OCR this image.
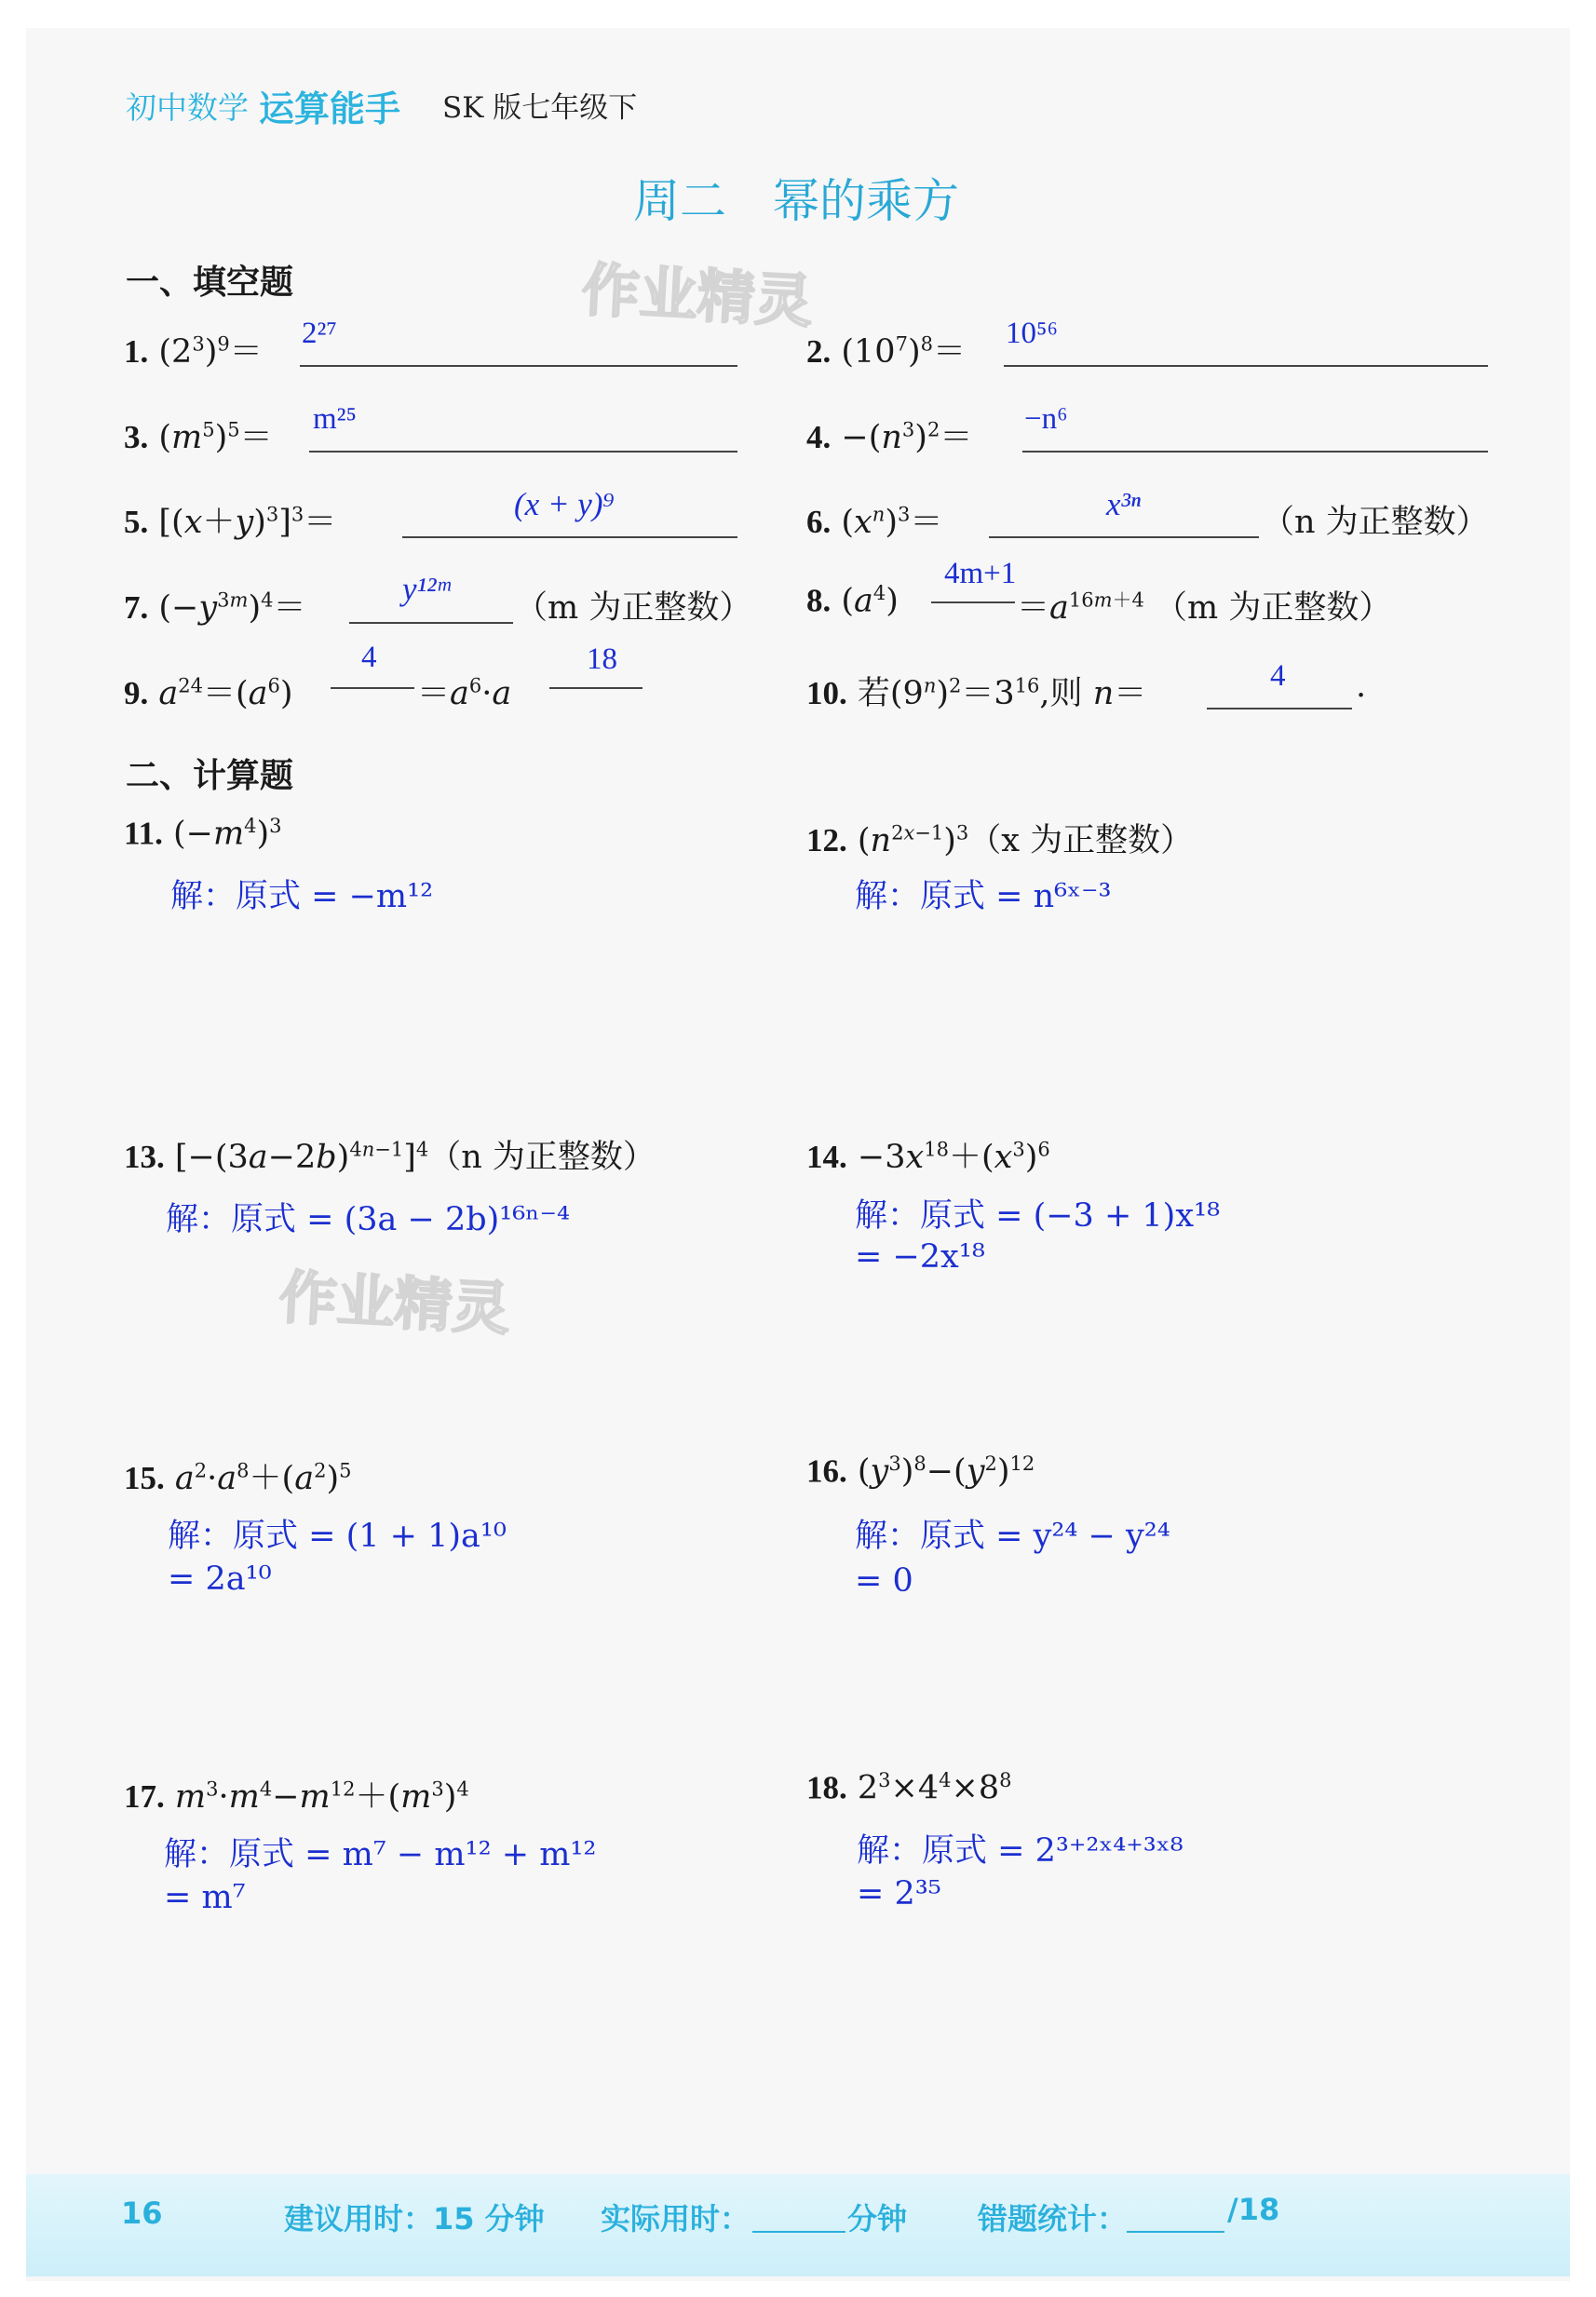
初中数学 运算能手 SK 版七年级下
周二　幂的乘方
作业精灵
作业精灵
一、填空题
1. $(2^3)^9= 2^{27}$	2. $(10^7)^8= 10^{56}$
3. $(m^5)^5= m^{25}$	4. $-(n^3)^2= -n^6$
5. $[(x+y)^3]^3=$	(x + y)⁹	6. $(x^n)^3=$	x³ⁿ	（n 为正整数）
7. $(-y^{3m})^4=$
y¹²ᵐ
（m 为正整数） 8. $(a^4)$
4m+1
$=a^{16m+4}$ （m 为正整数）
9. $a^{24}=(a^6)$
4
$=a^6\cdot a$
18
10. 若$(9^n)^2=3^{16}$,则 n＝	4 .
二、计算题
11. $(-m^4)^3$
解：原式 = −m¹²
12. $(n^{2x-1})^3(x$ 为正整数）
解：原式 = n⁶ˣ⁻³
13. $[-(3a-2b)^{4n-1}]^4(n$ 为正整数）
解：原式 = (3a − 2b)¹⁶ⁿ⁻⁴
14. $-3x^{18}+(x^3)^6$
解：原式 = (−3 + 1)x¹⁸
= −2x¹⁸
15. $a^2\cdot a^8+(a^2)^5$
解：原式 = (1 + 1)a¹⁰
= 2a¹⁰
16. $(y^3)^8-(y^2)^{12}$
解：原式 = y²⁴ − y²⁴
= 0
17. $m^3\cdot m^4-m^{12}+(m^3)^4$
解：原式 = m⁷ − m¹² + m¹²
= m⁷
18. $2^3\times 4^4\times 8^8$
解：原式 = 2³⁺²ˣ⁴⁺³ˣ⁸
= 2³⁵
16	建议用时：15 分钟 实际用时：	分钟 错题统计：	/18
